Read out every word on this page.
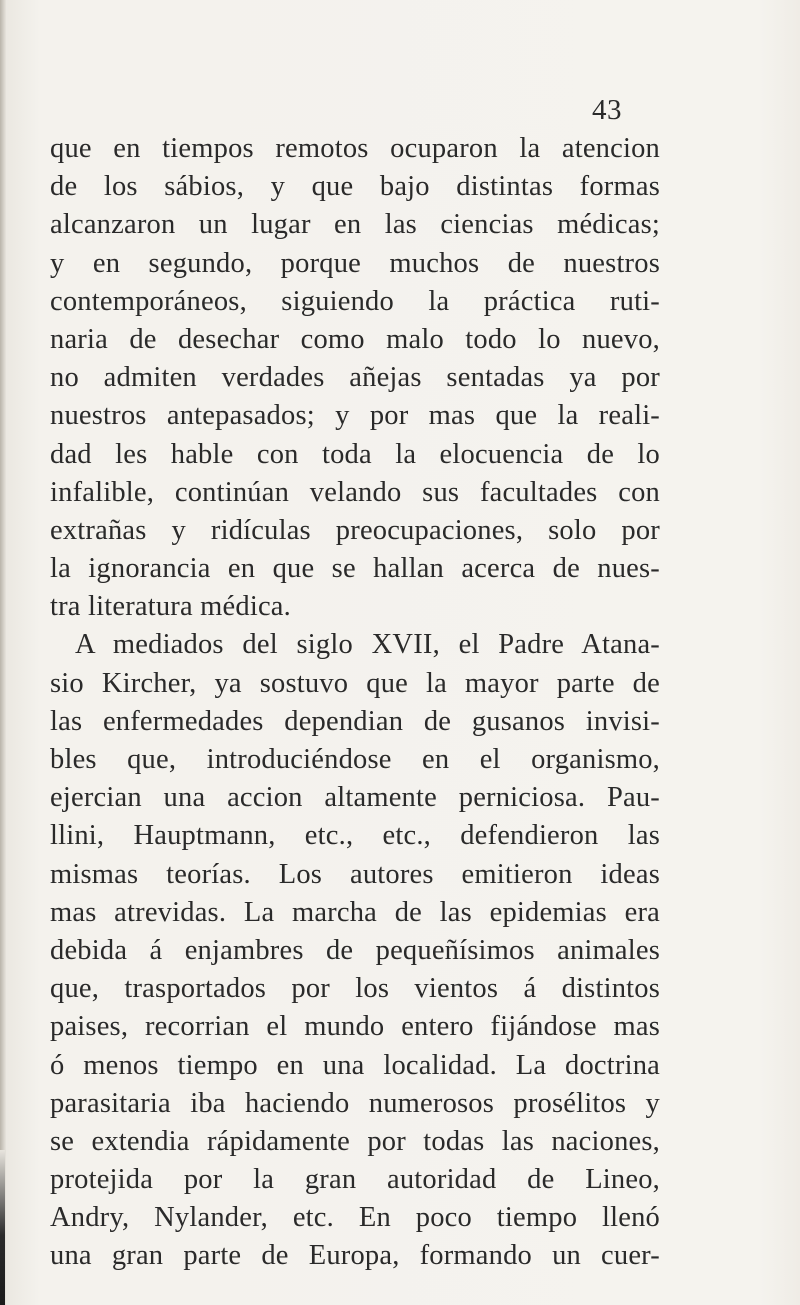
43
que en tiempos remotos ocuparon la atencion
de los sábios, y que bajo distintas formas
alcanzaron un lugar en las ciencias médicas;
y en segundo, porque muchos de nuestros
contemporáneos, siguiendo la práctica ruti-
naria de desechar como malo todo lo nuevo,
no admiten verdades añejas sentadas ya por
nuestros antepasados; y por mas que la reali-
dad les hable con toda la elocuencia de lo
infalible, continúan velando sus facultades con
extrañas y ridículas preocupaciones, solo por
la ignorancia en que se hallan acerca de nues-
tra literatura médica.
A mediados del siglo XVII, el Padre Atana-
sio Kircher, ya sostuvo que la mayor parte de
las enfermedades dependian de gusanos invisi-
bles que, introduciéndose en el organismo,
ejercian una accion altamente perniciosa. Pau-
llini, Hauptmann, etc., etc., defendieron las
mismas teorías. Los autores emitieron ideas
mas atrevidas. La marcha de las epidemias era
debida á enjambres de pequeñísimos animales
que, trasportados por los vientos á distintos
paises, recorrian el mundo entero fijándose mas
ó menos tiempo en una localidad. La doctrina
parasitaria iba haciendo numerosos prosélitos y
se extendia rápidamente por todas las naciones,
protejida por la gran autoridad de Lineo,
Andry, Nylander, etc. En poco tiempo llenó
una gran parte de Europa, formando un cuer-
